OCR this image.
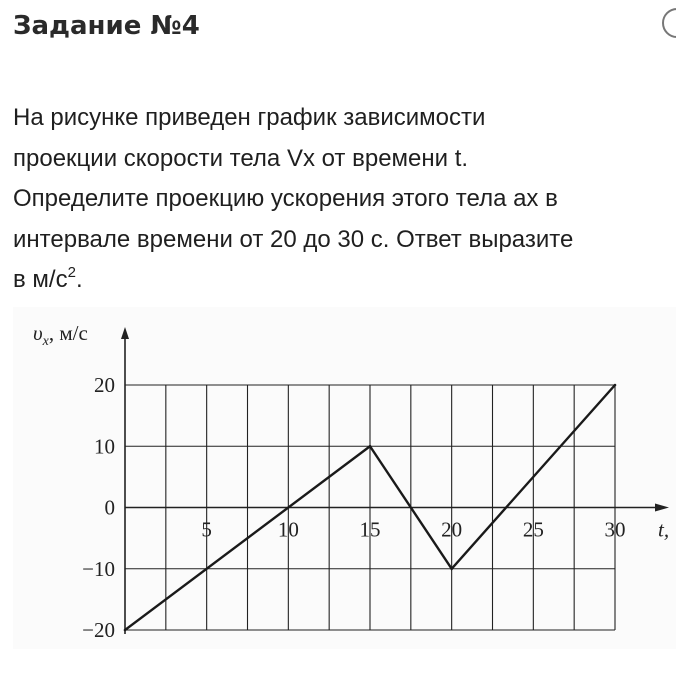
Задание №4
На рисунке приведен график зависимости
проекции скорости тела Vx от времени t.
Определите проекцию ускорения этого тела ax в
интервале времени от 20 до 30 с. Ответ выразите
в $м/с^2$.
20
10
0
−10
−20
5	10	15	20	25	30 t,
$\upsilon_x$, м/с
